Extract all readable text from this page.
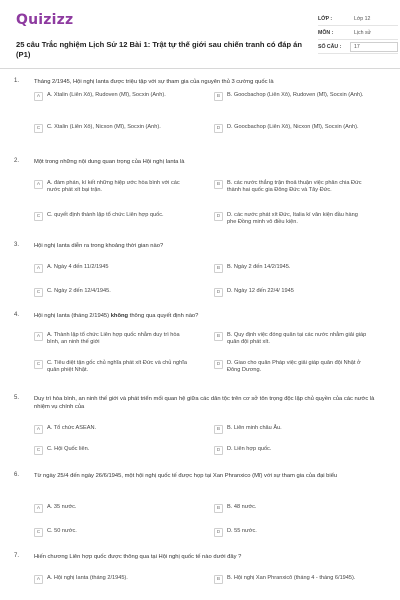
Quizizz
25 câu Trắc nghiệm Lịch Sử 12 Bài 1: Trật tự thế giới sau chiến tranh có đáp án (P1)
LỚP :	Lớp 12
MÔN :	Lịch sử
SỐ CÂU :	17
1.	Tháng 2/1945, Hội nghị Ianta được triệu tập với sự tham gia của nguyên thủ 3 cường quốc là
A	A. Xtalin (Liên Xô), Rudoven (Mĩ), Socxin (Anh).	B	B. Goocbachop (Liên Xô), Rudoven (Mĩ), Socxin (Anh).
C	C. Xtalin (Liên Xô), Nicxon (Mĩ), Socxin (Anh).	D	D. Goocbachop (Liên Xô), Nicxon (Mĩ), Socxin (Anh).
2.	Một trong những nội dung quan trọng của Hội nghị Ianta là
A	A. đàm phán, kí kết những hiệp ước hòa bình với các nước phát xít bại trận.
B	B. các nước thắng trận thoả thuận việc phân chia Đức thành hai quốc gia Đông Đức và Tây Đức.
C	C. quyết định thành lập tổ chức Liên hợp quốc.	D	D. các nước phát xít Đức, Italia kí văn kiện đầu hàng phe Đồng minh vô điều kiện.
3.	Hội nghị Ianta diễn ra trong khoảng thời gian nào?
A	A. Ngày 4 đến 11/2/1945	B	B. Ngày 2 đến 14/2/1945.
C	C. Ngày 2 đến 12/4/1945.	D	D. Ngày 12 đến 22/4/ 1945
4.	Hội nghị Ianta (tháng 2/1945) không thông qua quyết định nào?
A	A. Thành lập tổ chức Liên hợp quốc nhằm duy trì hòa bình, an ninh thế giới
B	B. Quy định việc đóng quân tại các nước nhằm giải giáp quân đội phát xít.
C	C. Tiêu diệt tận gốc chủ nghĩa phát xít Đức và chủ nghĩa quân phiệt Nhật.
D	D. Giao cho quân Pháp việc giải giáp quân đội Nhật ở Đông Dương.
5.	Duy trì hòa bình, an ninh thế giới và phát triển mối quan hệ giữa các dân tộc trên cơ sở tôn trọng độc lập chủ quyền của các nước là nhiệm vụ chính của
A	A. Tổ chức ASEAN.	B	B. Liên minh châu Âu.
C	C. Hội Quốc liên.	D	D. Liên hợp quốc.
6.	Từ ngày 25/4 đến ngày 26/6/1945, một hội nghị quốc tế được họp tại Xan Phranxico (Mĩ) với sự tham gia của đại biểu
A	A. 35 nước.	B	B. 48 nước.
C	C. 50 nước.	D	D. 55 nước.
7.	Hiến chương Liên hợp quốc được thông qua tại Hội nghị quốc tế nào dưới đây ?
A	A. Hội nghị Ianta (tháng 2/1945).	B	B. Hội nghị Xan Phranxicô (tháng 4 - tháng 6/1945).
